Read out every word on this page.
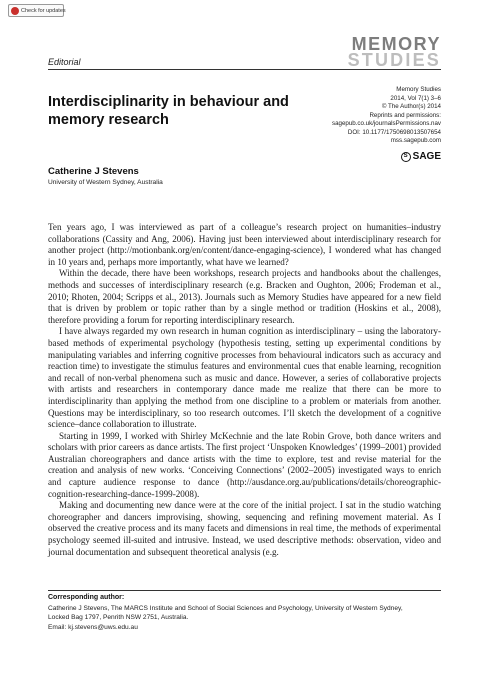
Check for updates
Editorial
MEMORY
STUDIES
Interdisciplinarity in behaviour and memory research
Memory Studies
2014, Vol 7(1) 3–6
© The Author(s) 2014
Reprints and permissions:
sagepub.co.uk/journalsPermissions.nav
DOI: 10.1177/1750698013507654
mss.sagepub.com
S SAGE
Catherine J Stevens
University of Western Sydney, Australia

Ten years ago, I was interviewed as part of a colleague’s research project on humanities–industry collaborations (Cassity and Ang, 2006). Having just been interviewed about interdisciplinary research for another project (http://motionbank.org/en/content/dance-engaging-science), I wondered what has changed in 10 years and, perhaps more importantly, what have we learned?

Within the decade, there have been workshops, research projects and handbooks about the challenges, methods and successes of interdisciplinary research (e.g. Bracken and Oughton, 2006; Frodeman et al., 2010; Rhoten, 2004; Scripps et al., 2013). Journals such as Memory Studies have appeared for a new field that is driven by problem or topic rather than by a single method or tradition (Hoskins et al., 2008), therefore providing a forum for reporting interdisciplinary research.

I have always regarded my own research in human cognition as interdisciplinary – using the laboratory-based methods of experimental psychology (hypothesis testing, setting up experimental conditions by manipulating variables and inferring cognitive processes from behavioural indicators such as accuracy and reaction time) to investigate the stimulus features and environmental cues that enable learning, recognition and recall of non-verbal phenomena such as music and dance. However, a series of collaborative projects with artists and researchers in contemporary dance made me realize that there can be more to interdisciplinarity than applying the method from one discipline to a problem or materials from another. Questions may be interdisciplinary, so too research outcomes. I’ll sketch the development of a cognitive science–dance collaboration to illustrate.

Starting in 1999, I worked with Shirley McKechnie and the late Robin Grove, both dance writers and scholars with prior careers as dance artists. The first project ‘Unspoken Knowledges’ (1999–2001) provided Australian choreographers and dance artists with the time to explore, test and revise material for the creation and analysis of new works. ‘Conceiving Connections’ (2002–2005) investigated ways to enrich and capture audience response to dance (http://ausdance.org.au/publications/details/choreographic-cognition-researching-dance-1999-2008).

Making and documenting new dance were at the core of the initial project. I sat in the studio watching choreographer and dancers improvising, showing, sequencing and refining movement material. As I observed the creative process and its many facets and dimensions in real time, the methods of experimental psychology seemed ill-suited and intrusive. Instead, we used descriptive methods: observation, video and journal documentation and subsequent theoretical analysis (e.g.

Corresponding author:
Catherine J Stevens, The MARCS Institute and School of Social Sciences and Psychology, University of Western Sydney,
Locked Bag 1797, Penrith NSW 2751, Australia.
Email: kj.stevens@uws.edu.au
